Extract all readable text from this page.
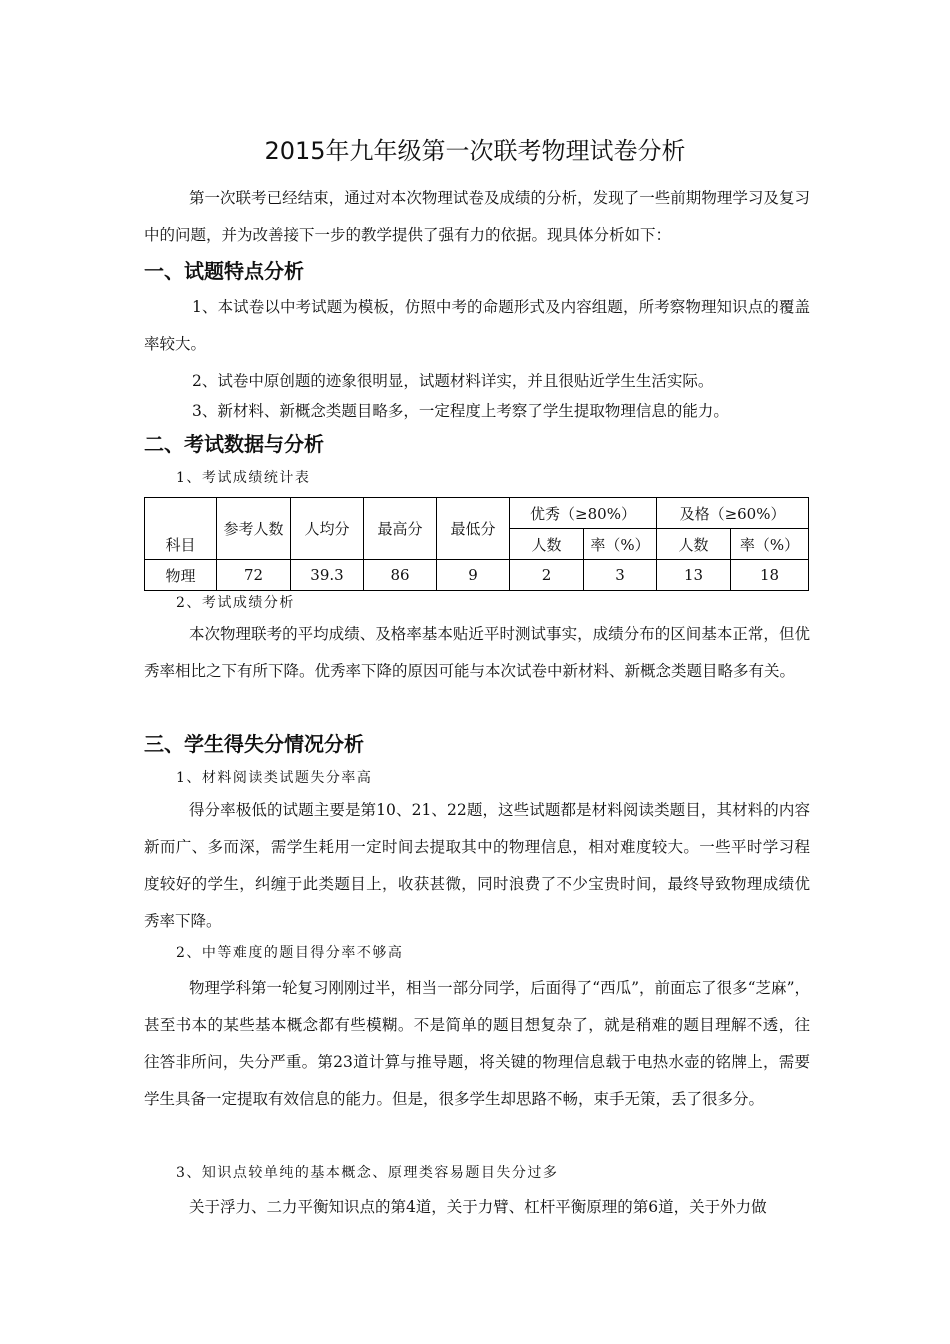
2015年九年级第一次联考物理试卷分析

第一次联考已经结束，通过对本次物理试卷及成绩的分析，发现了一些前期物理学习及复习中的问题，并为改善接下一步的教学提供了强有力的依据。现具体分析如下：

一、试题特点分析

1、本试卷以中考试题为模板，仿照中考的命题形式及内容组题，所考察物理知识点的覆盖率较大。

2、试卷中原创题的迹象很明显，试题材料详实，并且很贴近学生生活实际。

3、新材料、新概念类题目略多，一定程度上考察了学生提取物理信息的能力。

二、考试数据与分析

1、考试成绩统计表

科目	参考人数	人均分	最高分	最低分	优秀（≥80%）		及格（≥60%）	
					人数	率（%）	人数	率（%）
物理	72	39.3	86	9	2	3	13	18

2、考试成绩分析

本次物理联考的平均成绩、及格率基本贴近平时测试事实，成绩分布的区间基本正常，但优秀率相比之下有所下降。优秀率下降的原因可能与本次试卷中新材料、新概念类题目略多有关。

三、学生得失分情况分析

1、材料阅读类试题失分率高

得分率极低的试题主要是第10、21、22题，这些试题都是材料阅读类题目，其材料的内容新而广、多而深，需学生耗用一定时间去提取其中的物理信息，相对难度较大。一些平时学习程度较好的学生，纠缠于此类题目上，收获甚微，同时浪费了不少宝贵时间，最终导致物理成绩优秀率下降。

2、中等难度的题目得分率不够高

物理学科第一轮复习刚刚过半，相当一部分同学，后面得了“西瓜”，前面忘了很多“芝麻”，甚至书本的某些基本概念都有些模糊。不是简单的题目想复杂了，就是稍难的题目理解不透，往往答非所问，失分严重。第23道计算与推导题，将关键的物理信息载于电热水壶的铭牌上，需要学生具备一定提取有效信息的能力。但是，很多学生却思路不畅，束手无策，丢了很多分。

3、知识点较单纯的基本概念、原理类容易题目失分过多

关于浮力、二力平衡知识点的第4道，关于力臂、杠杆平衡原理的第6道，关于外力做
